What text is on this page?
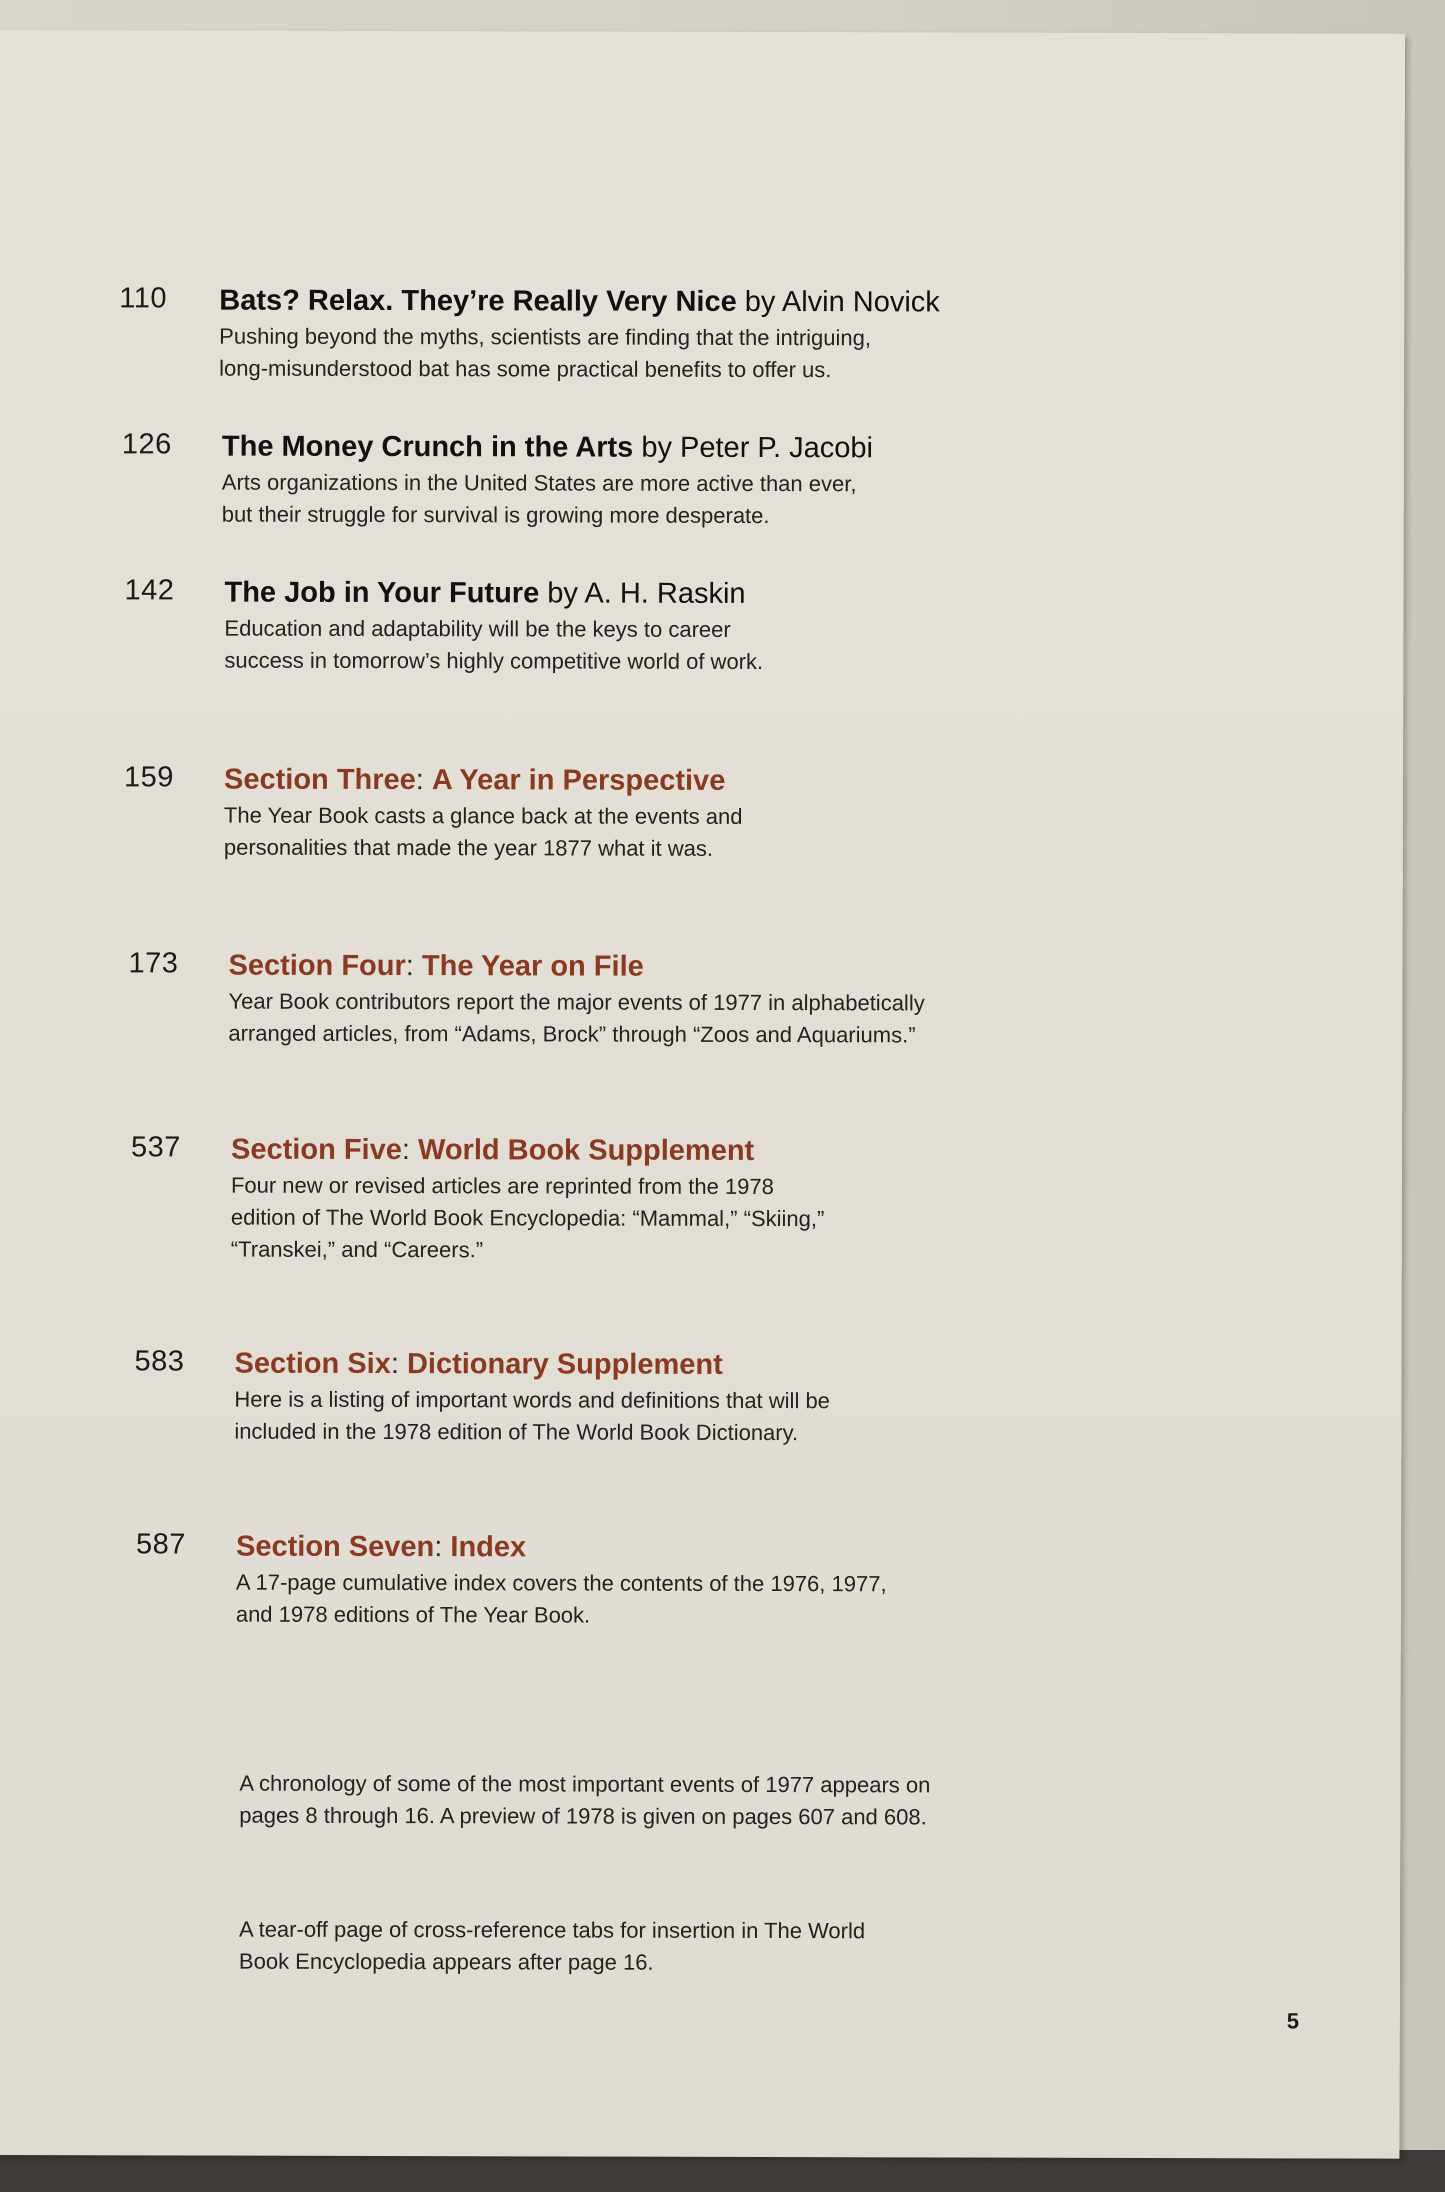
110 Bats? Relax. They’re Really Very Nice by Alvin Novick

Pushing beyond the myths, scientists are finding that the intriguing,

long-misunderstood bat has some practical benefits to offer us.

126 The Money Crunch in the Arts by Peter P. Jacobi

Arts organizations in the United States are more active than ever,

but their struggle for survival is growing more desperate.

142 The Job in Your Future by A. H. Raskin

Education and adaptability will be the keys to career

success in tomorrow’s highly competitive world of work.

159 Section Three: A Year in Perspective

The Year Book casts a glance back at the events and

personalities that made the year 1877 what it was.

173 Section Four: The Year on File

Year Book contributors report the major events of 1977 in alphabetically

arranged articles, from “Adams, Brock” through “Zoos and Aquariums.”

537 Section Five: World Book Supplement

Four new or revised articles are reprinted from the 1978

edition of The World Book Encyclopedia: “Mammal,” “Skiing,”

“Transkei,” and “Careers.”

583 Section Six: Dictionary Supplement

Here is a listing of important words and definitions that will be

included in the 1978 edition of The World Book Dictionary.

587 Section Seven: Index

A 17-page cumulative index covers the contents of the 1976, 1977,

and 1978 editions of The Year Book.

A chronology of some of the most important events of 1977 appears on

pages 8 through 16. A preview of 1978 is given on pages 607 and 608.

A tear-off page of cross-reference tabs for insertion in The World

Book Encyclopedia appears after page 16.

5
